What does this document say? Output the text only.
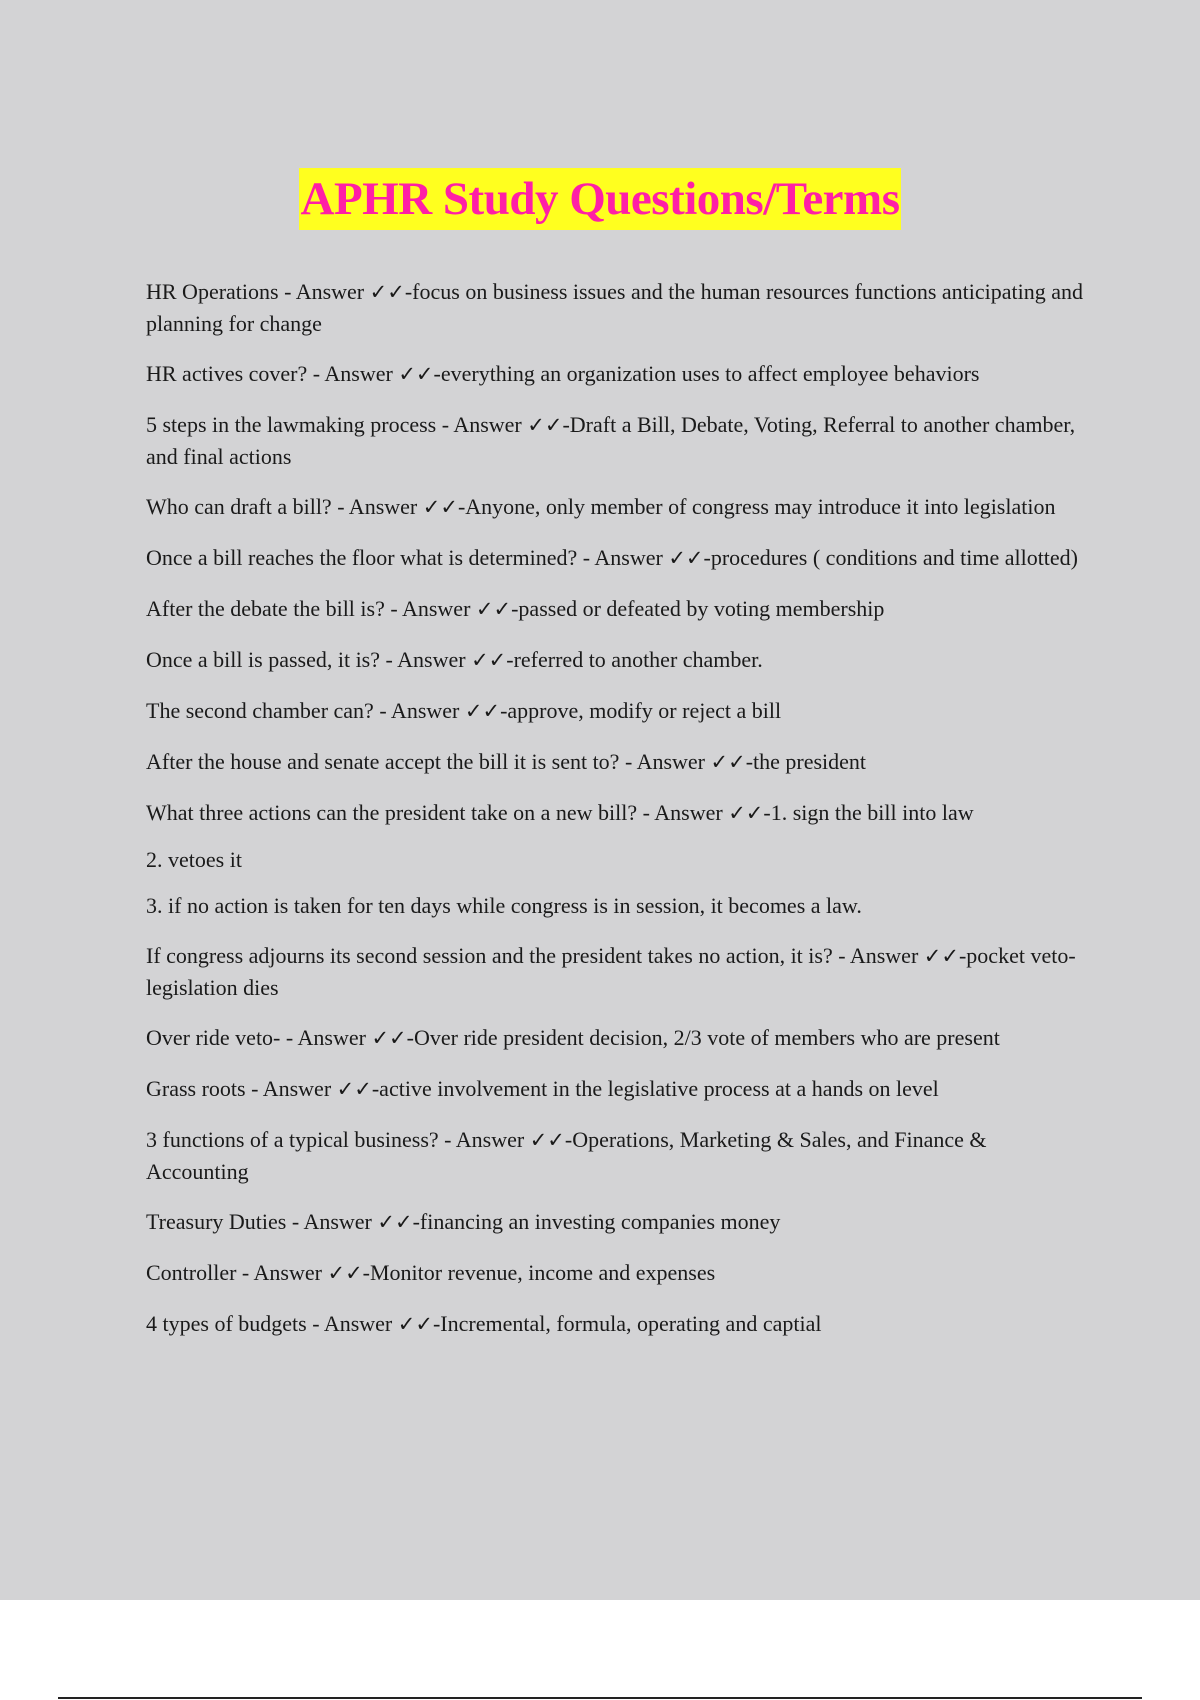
APHR Study Questions/Terms

HR Operations - Answer ✓✓-focus on business issues and the human resources functions anticipating and planning for change

HR actives cover? - Answer ✓✓-everything an organization uses to affect employee behaviors

5 steps in the lawmaking process - Answer ✓✓-Draft a Bill, Debate, Voting, Referral to another chamber, and final actions

Who can draft a bill? - Answer ✓✓-Anyone, only member of congress may introduce it into legislation

Once a bill reaches the floor what is determined? - Answer ✓✓-procedures ( conditions and time allotted)

After the debate the bill is? - Answer ✓✓-passed or defeated by voting membership

Once a bill is passed, it is? - Answer ✓✓-referred to another chamber.

The second chamber can? - Answer ✓✓-approve, modify or reject a bill

After the house and senate accept the bill it is sent to? - Answer ✓✓-the president

What three actions can the president take on a new bill? - Answer ✓✓-1. sign the bill into law

2. vetoes it

3. if no action is taken for ten days while congress is in session, it becomes a law.

If congress adjourns its second session and the president takes no action, it is? - Answer ✓✓-pocket veto- legislation dies

Over ride veto- - Answer ✓✓-Over ride president decision, 2/3 vote of members who are present

Grass roots - Answer ✓✓-active involvement in the legislative process at a hands on level

3 functions of a typical business? - Answer ✓✓-Operations, Marketing & Sales, and Finance & Accounting

Treasury Duties - Answer ✓✓-financing an investing companies money

Controller - Answer ✓✓-Monitor revenue, income and expenses

4 types of budgets - Answer ✓✓-Incremental, formula, operating and captial
